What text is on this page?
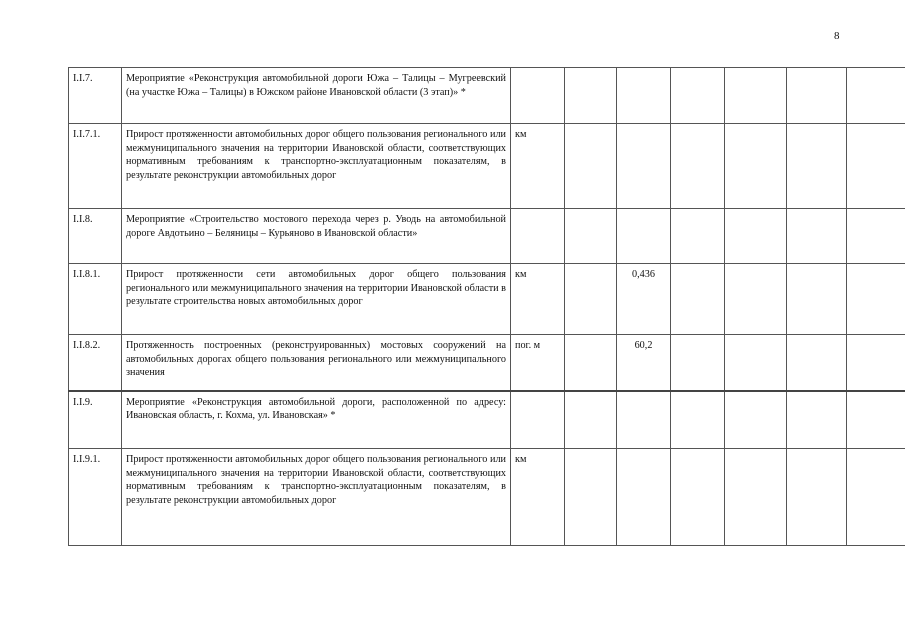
8
I.I.7.	Мероприятие «Реконструкция автомобильной дороги Южа – Талицы – Мугреевский (на участке Южа – Талицы) в Южском районе Ивановской области (3 этап)» *							
I.I.7.1.	Прирост протяженности автомобильных дорог общего пользования регионального или межмуниципального значения на территории Ивановской области, соответствующих нормативным требованиям к транспортно-эксплуатационным показателям, в результате реконструкции автомобильных дорог	км						
I.I.8.	Мероприятие «Строительство мостового перехода через р. Уводь на автомобильной дороге Авдотьино – Беляницы – Курьяново в Ивановской области»							
I.I.8.1.	Прирост протяженности сети автомобильных дорог общего пользования регионального или межмуниципального значения на территории Ивановской области в результате строительства новых автомобильных дорог	км		0,436				
I.I.8.2.	Протяженность построенных (реконструированных) мостовых сооружений на автомобильных дорогах общего пользования регионального или межмуниципального значения	пог. м		60,2				
I.I.9.	Мероприятие «Реконструкция автомобильной дороги, расположенной по адресу: Ивановская область, г. Кохма, ул. Ивановская» *							
I.I.9.1.	Прирост протяженности автомобильных дорог общего пользования регионального или межмуниципального значения на территории Ивановской области, соответствующих нормативным требованиям к транспортно-эксплуатационным показателям, в результате реконструкции автомобильных дорог	км						
